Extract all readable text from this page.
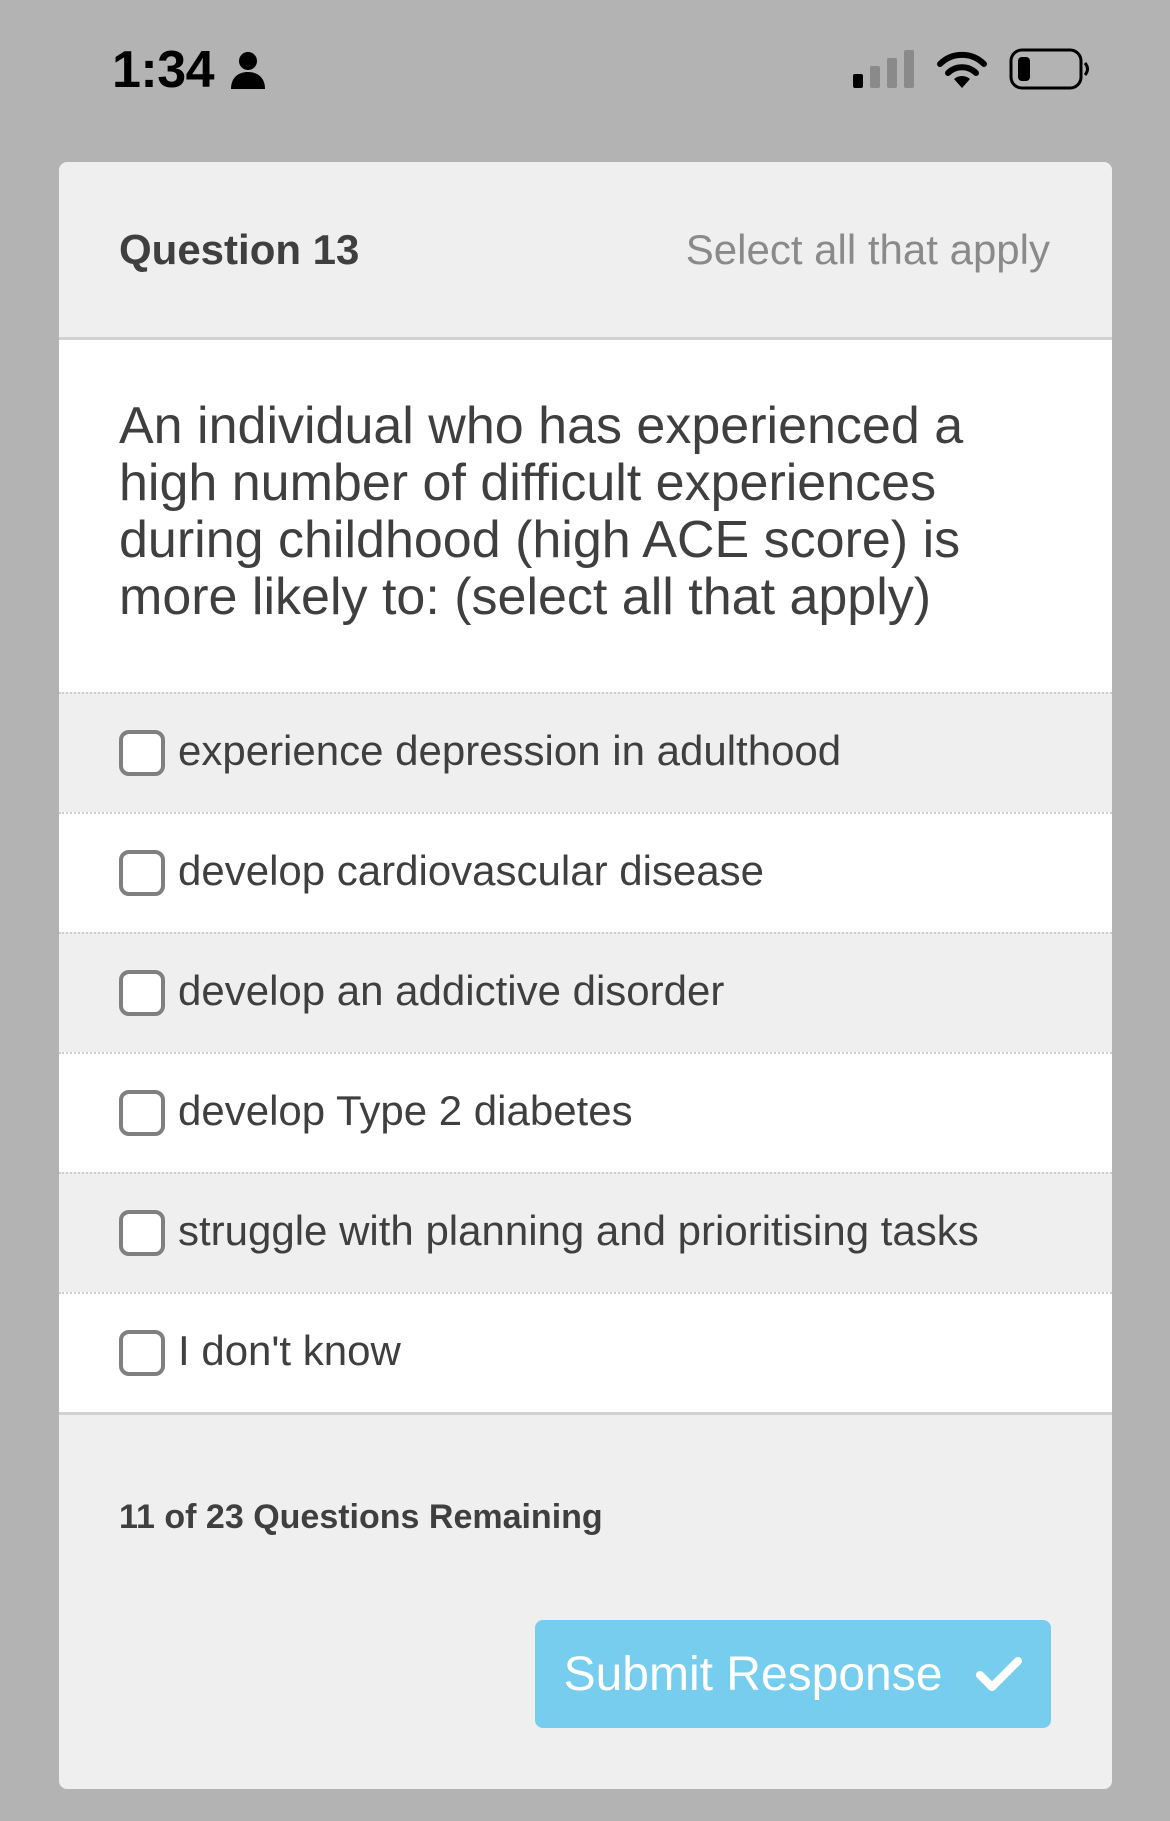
1:34
Question 13	Select all that apply
An individual who has experienced a high number of difficult experiences during childhood (high ACE score) is more likely to: (select all that apply)
experience depression in adulthood
develop cardiovascular disease
develop an addictive disorder
develop Type 2 diabetes
struggle with planning and prioritising tasks
I don't know
11 of 23 Questions Remaining
Submit Response
